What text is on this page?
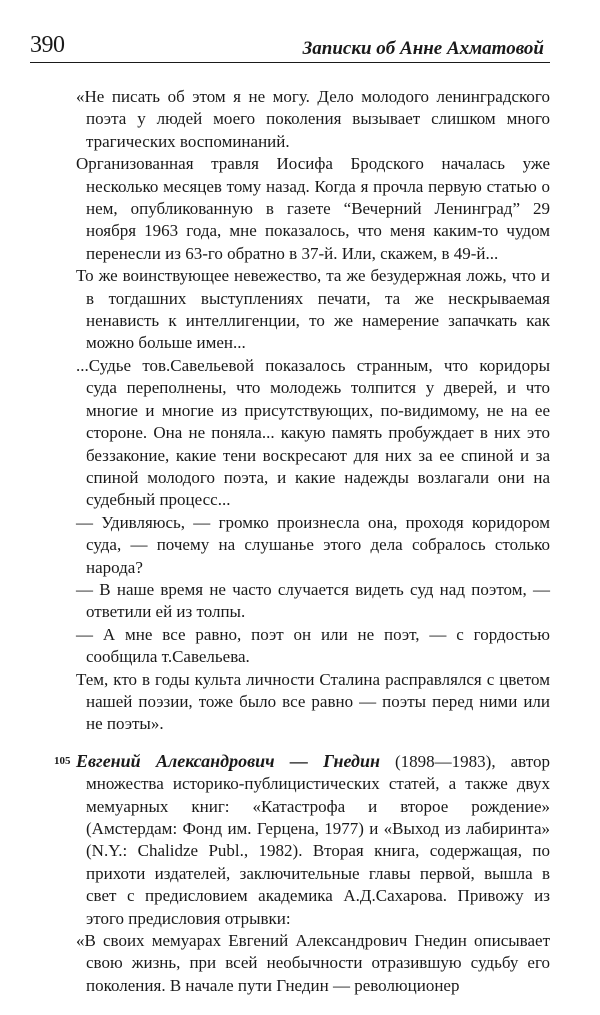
390	Записки об Анне Ахматовой

«Не писать об этом я не могу. Дело молодого ленинградского поэта у людей моего поколения вызывает слишком много трагических воспоминаний.

Организованная травля Иосифа Бродского началась уже несколько месяцев тому назад. Когда я прочла первую статью о нем, опубликованную в газете “Вечерний Ленинград” 29 ноября 1963 года, мне показалось, что меня каким-то чудом перенесли из 63-го обратно в 37-й. Или, скажем, в 49-й...

То же воинствующее невежество, та же безудержная ложь, что и в тогдашних выступлениях печати, та же нескрываемая ненависть к интеллигенции, то же намерение запачкать как можно больше имен...

...Судье тов.Савельевой показалось странным, что коридоры суда переполнены, что молодежь толпится у дверей, и что многие и многие из присутствующих, по-видимому, не на ее стороне. Она не поняла... какую память пробуждает в них это беззаконие, какие тени воскресают для них за ее спиной и за спиной молодого поэта, и какие надежды возлагали они на судебный процесс...

— Удивляюсь, — громко произнесла она, проходя коридором суда, — почему на слушанье этого дела собралось столько народа?

— В наше время не часто случается видеть суд над поэтом, — ответили ей из толпы.

— А мне все равно, поэт он или не поэт, — с гордостью сообщила т.Савельева.

Тем, кто в годы культа личности Сталина расправлялся с цветом нашей поэзии, тоже было все равно — поэты перед ними или не поэты».

105 Евгений Александрович — Гнедин (1898—1983), автор множества историко-публицистических статей, а также двух мемуарных книг: «Катастрофа и второе рождение» (Амстердам: Фонд им. Герцена, 1977) и «Выход из лабиринта» (N.Y.: Chalidze Publ., 1982). Вторая книга, содержащая, по прихоти издателей, заключительные главы первой, вышла в свет с предисловием академика А.Д.Сахарова. Привожу из этого предисловия отрывки:

«В своих мемуарах Евгений Александрович Гнедин описывает свою жизнь, при всей необычности отразившую судьбу его поколения. В начале пути Гнедин — революционер
